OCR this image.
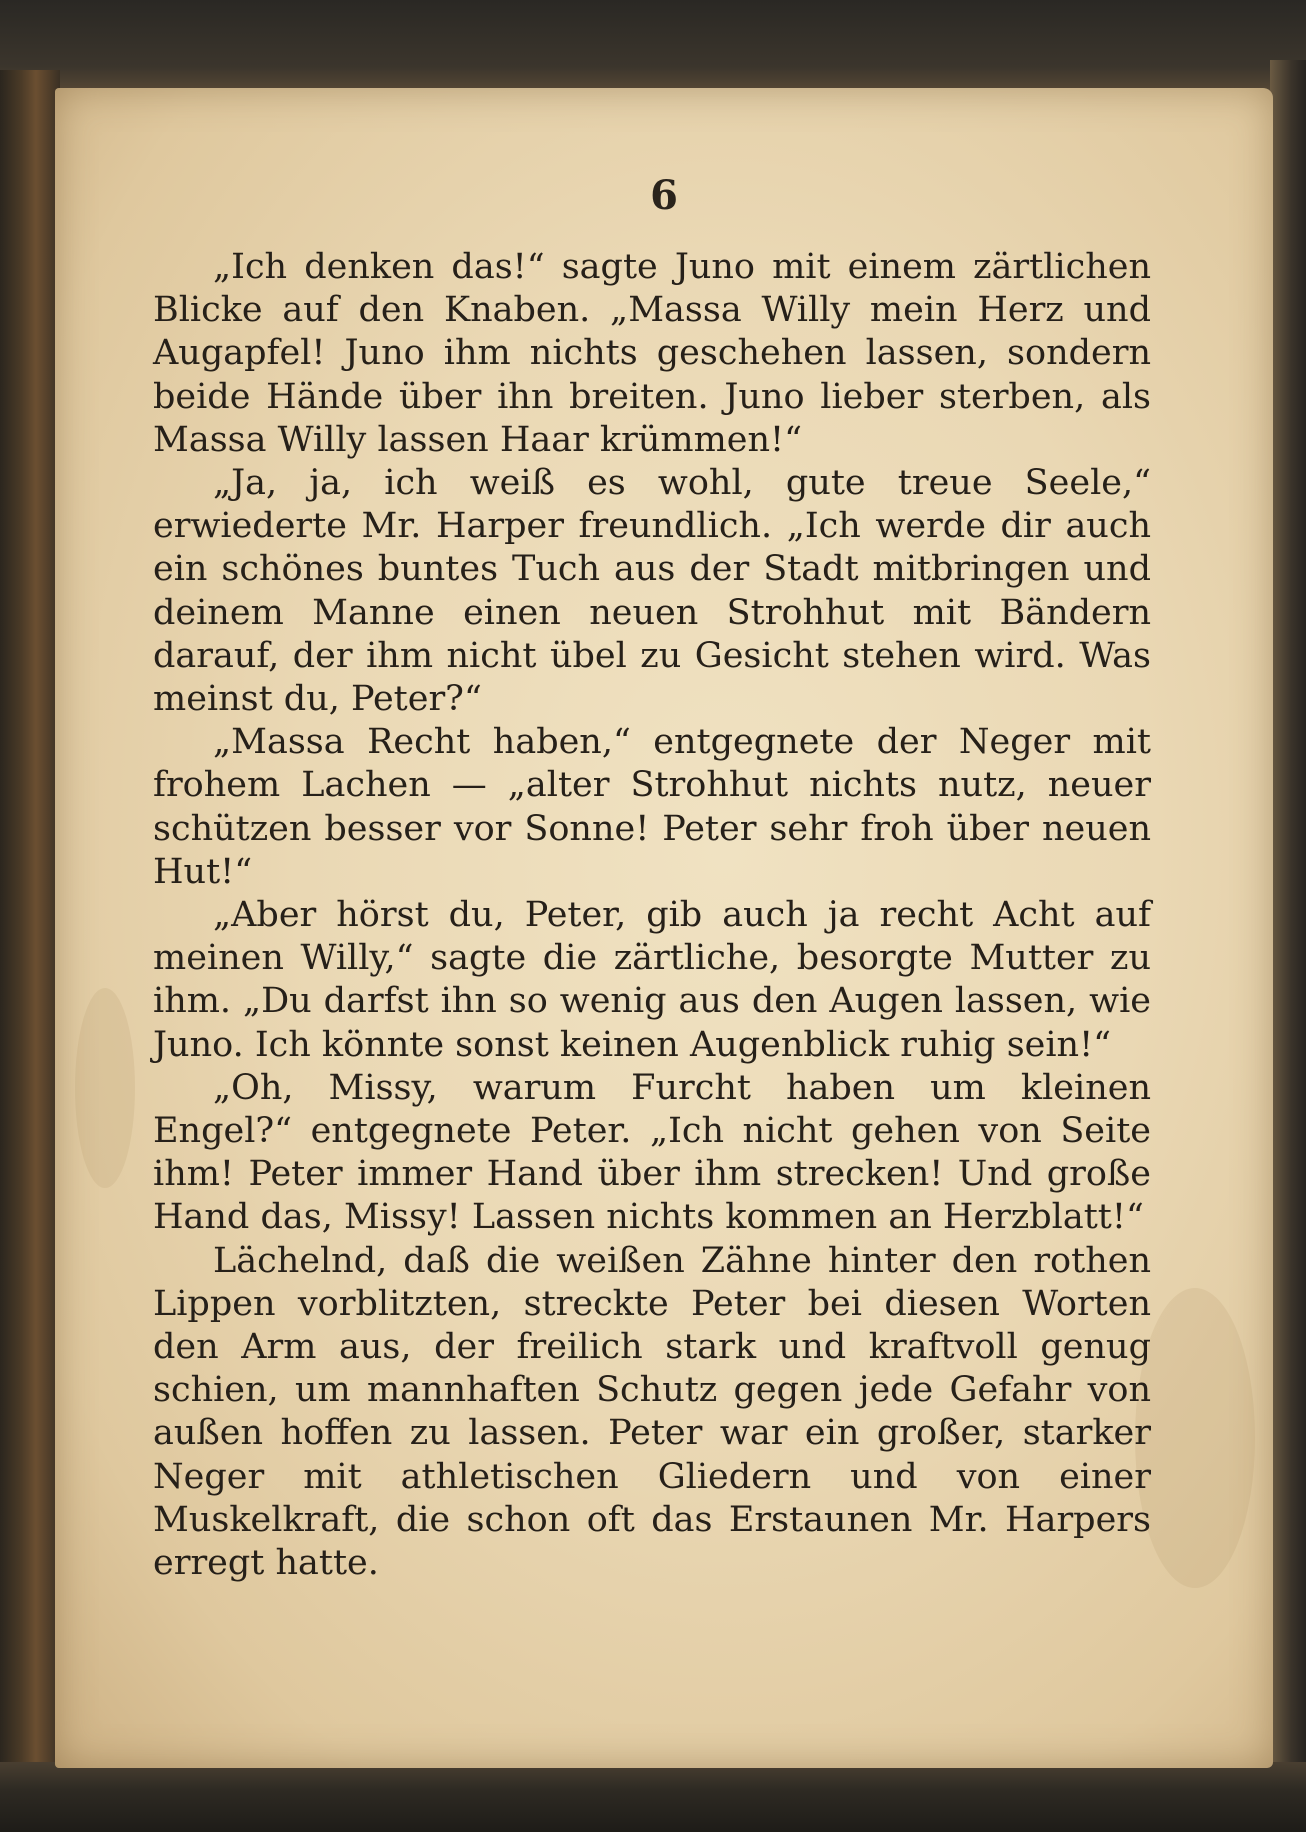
6

„Ich denken das!“ sagte Juno mit einem zärtlichen Blicke auf den Knaben. „Massa Willy mein Herz und Augapfel! Juno ihm nichts geschehen lassen, sondern beide Hände über ihn breiten. Juno lieber sterben, als Massa Willy lassen Haar krümmen!“

„Ja, ja, ich weiß es wohl, gute treue Seele,“ erwiederte Mr. Harper freundlich. „Ich werde dir auch ein schönes buntes Tuch aus der Stadt mitbringen und deinem Manne einen neuen Strohhut mit Bändern darauf, der ihm nicht übel zu Gesicht stehen wird. Was meinst du, Peter?“

„Massa Recht haben,“ entgegnete der Neger mit frohem Lachen — „alter Strohhut nichts nutz, neuer schützen besser vor Sonne! Peter sehr froh über neuen Hut!“

„Aber hörst du, Peter, gib auch ja recht Acht auf meinen Willy,“ sagte die zärtliche, besorgte Mutter zu ihm. „Du darfst ihn so wenig aus den Augen lassen, wie Juno. Ich könnte sonst keinen Augenblick ruhig sein!“

„Oh, Missy, warum Furcht haben um kleinen Engel?“ entgegnete Peter. „Ich nicht gehen von Seite ihm! Peter immer Hand über ihm strecken! Und große Hand das, Missy! Lassen nichts kommen an Herzblatt!“

Lächelnd, daß die weißen Zähne hinter den rothen Lippen vorblitzten, streckte Peter bei diesen Worten den Arm aus, der freilich stark und kraftvoll genug schien, um mannhaften Schutz gegen jede Gefahr von außen hoffen zu lassen. Peter war ein großer, starker Neger mit athletischen Gliedern und von einer Muskelkraft, die schon oft das Erstaunen Mr. Harpers erregt hatte.
